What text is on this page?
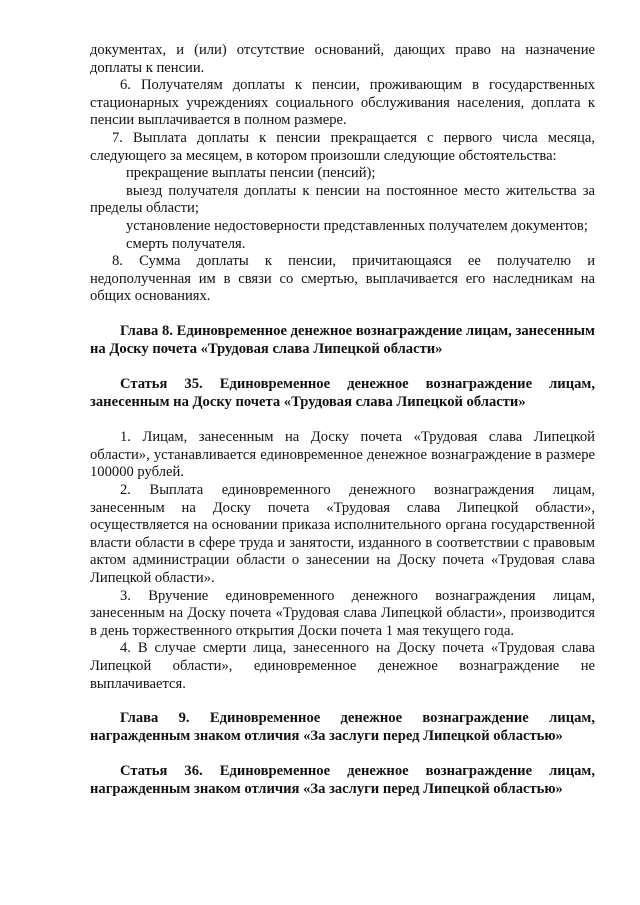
документах, и (или) отсутствие оснований, дающих право на назначение доплаты к пенсии.

6. Получателям доплаты к пенсии, проживающим в государственных стационарных учреждениях социального обслуживания населения, доплата к пенсии выплачивается в полном размере.

7. Выплата доплаты к пенсии прекращается с первого числа месяца, следующего за месяцем, в котором произошли следующие обстоятельства:

прекращение выплаты пенсии (пенсий);

выезд получателя доплаты к пенсии на постоянное место жительства за пределы области;

установление недостоверности представленных получателем документов;

смерть получателя.

8. Сумма доплаты к пенсии, причитающаяся ее получателю и недополученная им в связи со смертью, выплачивается его наследникам на общих основаниях.

Глава 8. Единовременное денежное вознаграждение лицам, занесенным на Доску почета «Трудовая слава Липецкой области»

Статья 35. Единовременное денежное вознаграждение лицам, занесенным на Доску почета «Трудовая слава Липецкой области»

1. Лицам, занесенным на Доску почета «Трудовая слава Липецкой области», устанавливается единовременное денежное вознаграждение в размере 100000 рублей.

2. Выплата единовременного денежного вознаграждения лицам, занесенным на Доску почета «Трудовая слава Липецкой области», осуществляется на основании приказа исполнительного органа государственной власти области в сфере труда и занятости, изданного в соответствии с правовым актом администрации области о занесении на Доску почета «Трудовая слава Липецкой области».

3. Вручение единовременного денежного вознаграждения лицам, занесенным на Доску почета «Трудовая слава Липецкой области», производится в день торжественного открытия Доски почета 1 мая текущего года.

4. В случае смерти лица, занесенного на Доску почета «Трудовая слава Липецкой области», единовременное денежное вознаграждение не выплачивается.

Глава 9. Единовременное денежное вознаграждение лицам, награжденным знаком отличия «За заслуги перед Липецкой областью»

Статья 36. Единовременное денежное вознаграждение лицам, награжденным знаком отличия «За заслуги перед Липецкой областью»
